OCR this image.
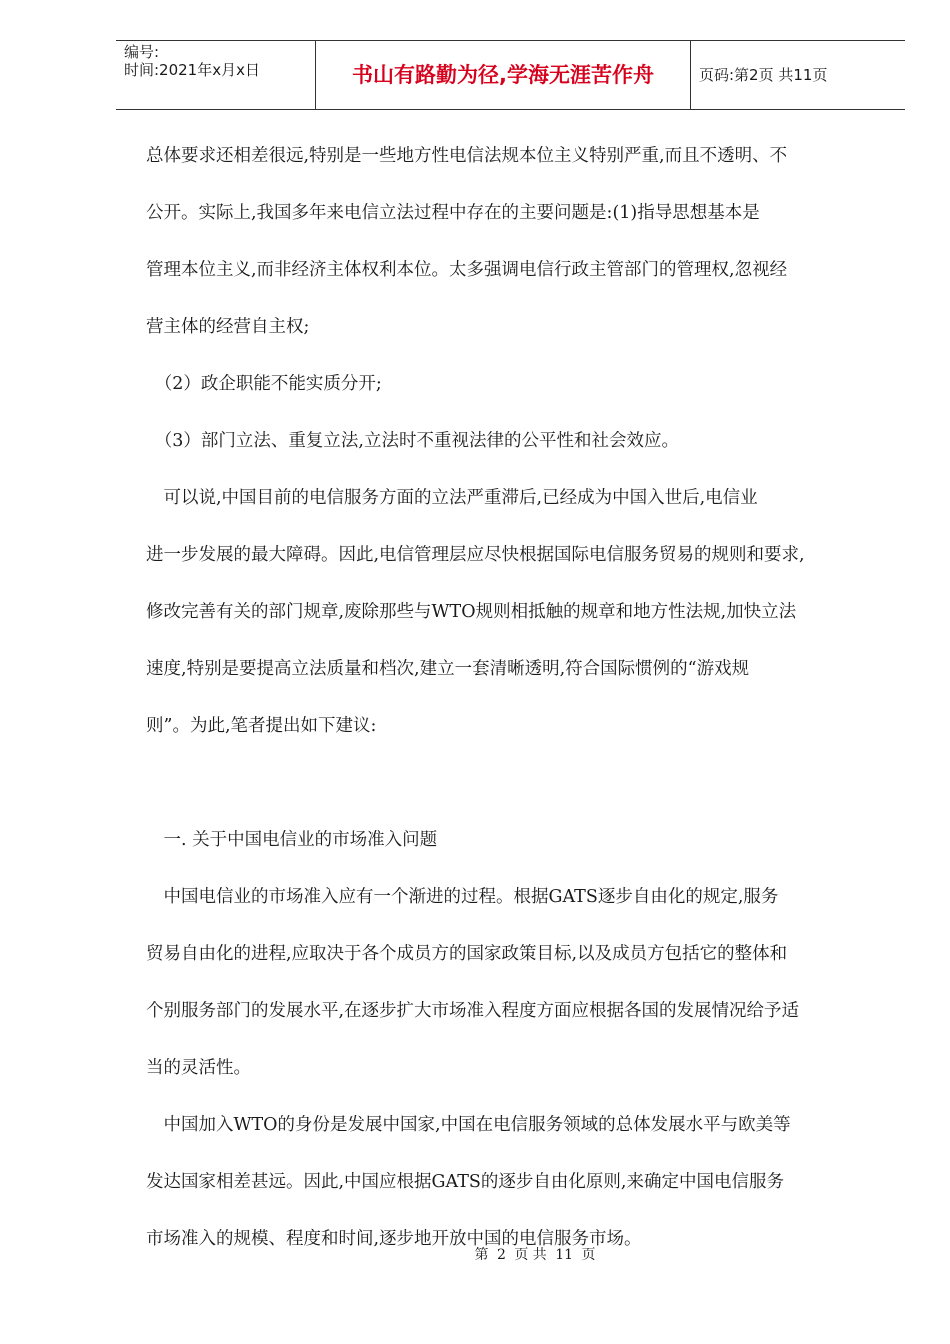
编号:
时间:2021年x月x日	书山有路勤为径,学海无涯苦作舟	页码:第2页 共11页

总体要求还相差很远,特别是一些地方性电信法规本位主义特别严重,而且不透明、不

公开。实际上,我国多年来电信立法过程中存在的主要问题是:(1)指导思想基本是

管理本位主义,而非经济主体权利本位。太多强调电信行政主管部门的管理权,忽视经

营主体的经营自主权;

　（2）政企职能不能实质分开;

　（3）部门立法、重复立法,立法时不重视法律的公平性和社会效应。

　可以说,中国目前的电信服务方面的立法严重滞后,已经成为中国入世后,电信业

进一步发展的最大障碍。因此,电信管理层应尽快根据国际电信服务贸易的规则和要求,

修改完善有关的部门规章,废除那些与WTO规则相抵触的规章和地方性法规,加快立法

速度,特别是要提高立法质量和档次,建立一套清晰透明,符合国际惯例的“游戏规

则”。为此,笔者提出如下建议:

　一. 关于中国电信业的市场准入问题

　中国电信业的市场准入应有一个渐进的过程。根据GATS逐步自由化的规定,服务

贸易自由化的进程,应取决于各个成员方的国家政策目标,以及成员方包括它的整体和

个别服务部门的发展水平,在逐步扩大市场准入程度方面应根据各国的发展情况给予适

当的灵活性。

　中国加入WTO的身份是发展中国家,中国在电信服务领域的总体发展水平与欧美等

发达国家相差甚远。因此,中国应根据GATS的逐步自由化原则,来确定中国电信服务

市场准入的规模、程度和时间,逐步地开放中国的电信服务市场。

第 2 页 共 11 页
